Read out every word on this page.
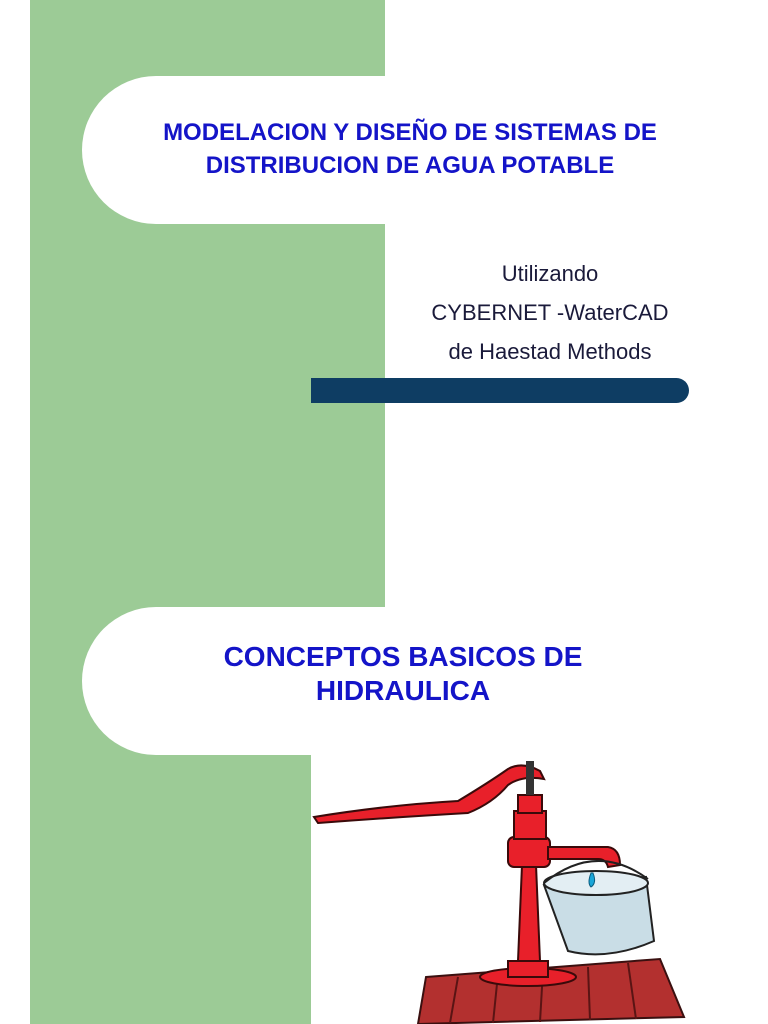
MODELACION Y DISEÑO DE SISTEMAS DE
DISTRIBUCION DE AGUA POTABLE
Utilizando
CYBERNET -WaterCAD
de Haestad Methods
CONCEPTOS BASICOS DE
HIDRAULICA
